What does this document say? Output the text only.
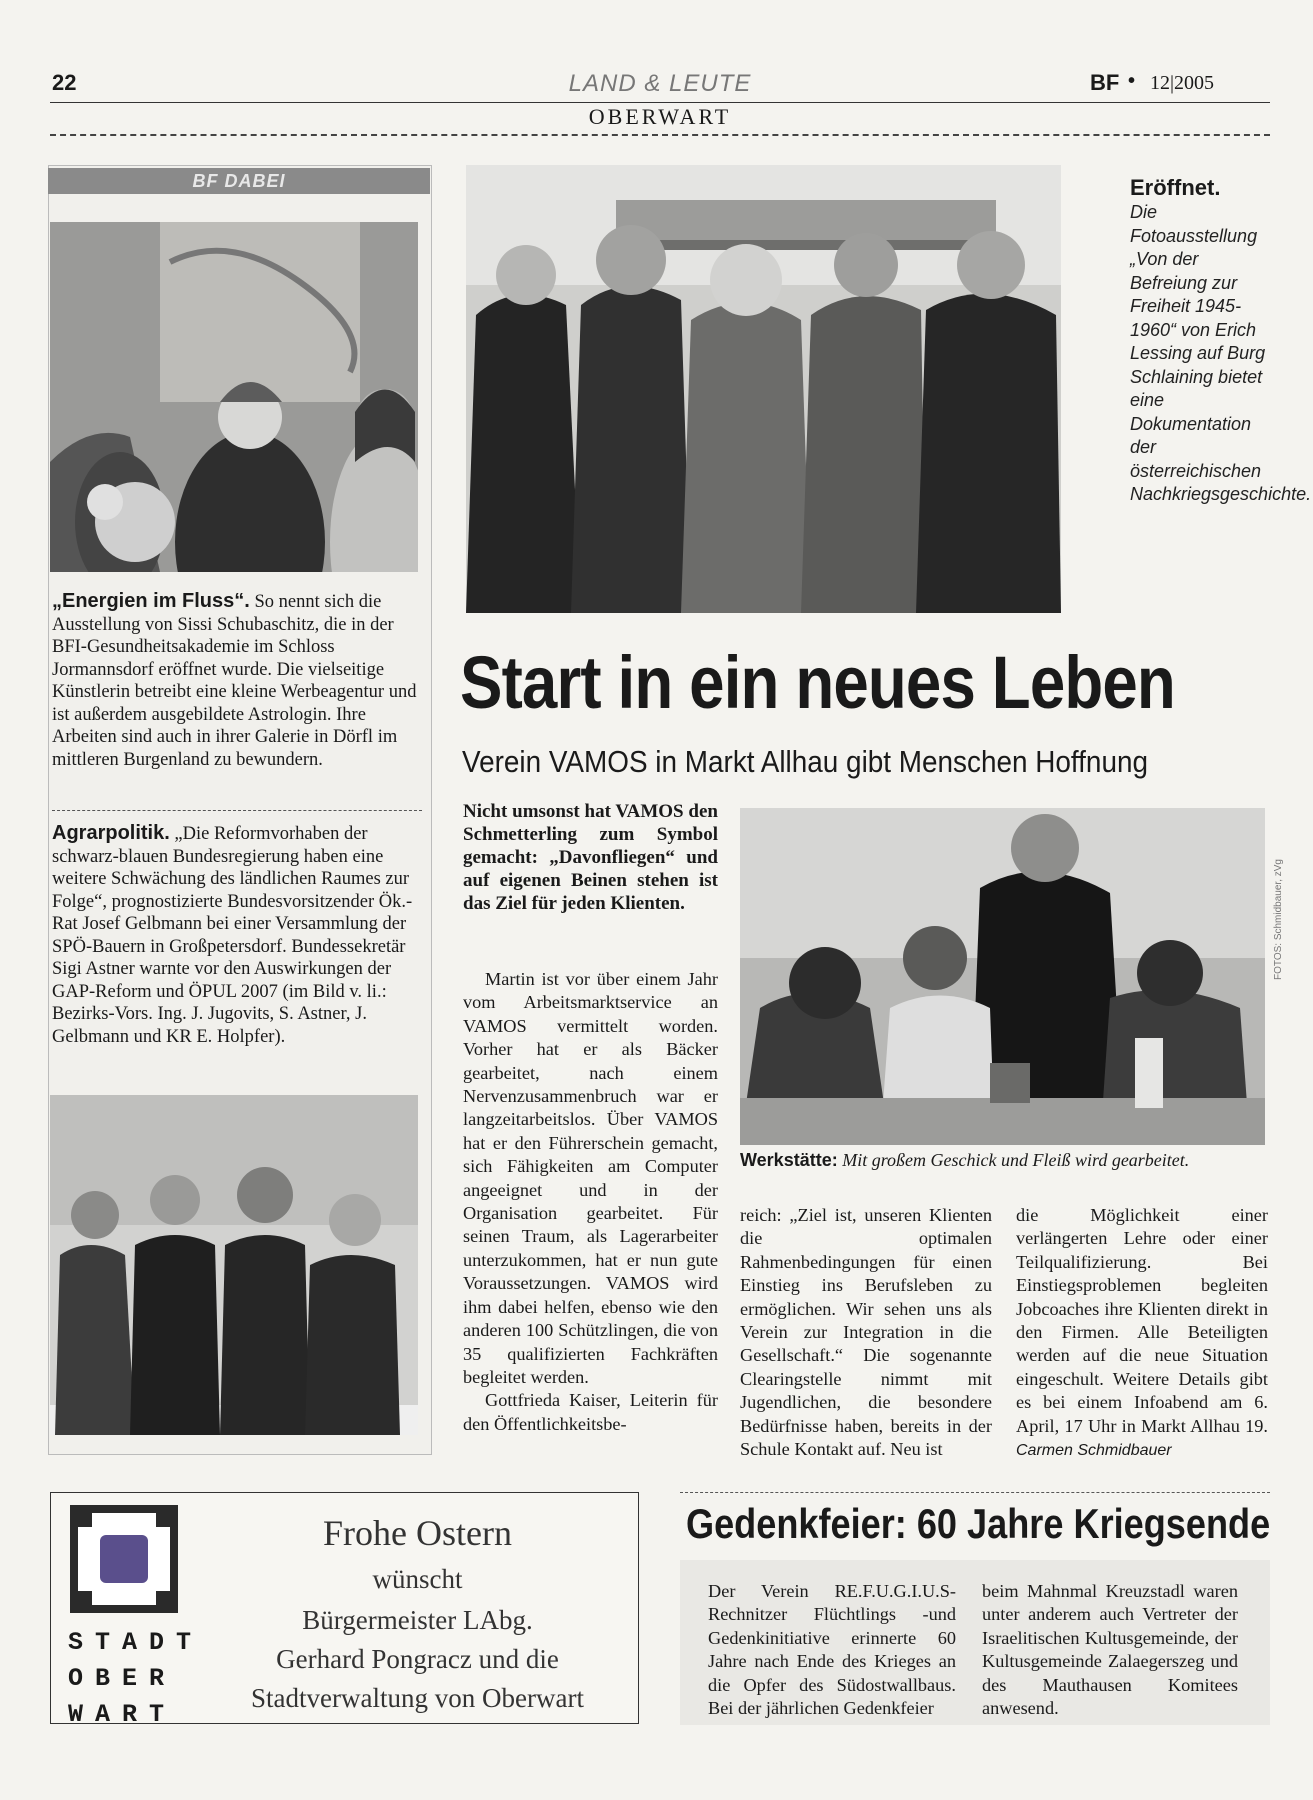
22	LAND & LEUTE	BF • 12|2005
OBERWART
BF DABEI
„Energien im Fluss“. So nennt sich die Ausstellung von Sissi Schubaschitz, die in der BFI-Gesundheitsakademie im Schloss Jormannsdorf eröffnet wurde. Die vielseitige Künstlerin betreibt eine kleine Werbeagentur und ist außerdem ausgebildete Astrologin. Ihre Arbeiten sind auch in ihrer Galerie in Dörfl im mittleren Burgenland zu bewundern.
Agrarpolitik. „Die Reformvorhaben der schwarz-blauen Bundesregierung haben eine weitere Schwächung des ländlichen Raumes zur Folge“, prognostizierte Bundesvorsitzender Ök.-Rat Josef Gelbmann bei einer Versammlung der SPÖ-Bauern in Großpetersdorf. Bundessekretär Sigi Astner warnte vor den Auswirkungen der GAP-Reform und ÖPUL 2007 (im Bild v. li.: Bezirks-Vors. Ing. J. Jugovits, S. Astner, J. Gelbmann und KR E. Holpfer).
Eröffnet.
Die Fotoausstellung „Von der Befreiung zur Freiheit 1945-1960“ von Erich Lessing auf Burg Schlaining bietet eine Dokumentation der österreichischen Nachkriegsgeschichte.
Start in ein neues Leben
Verein VAMOS in Markt Allhau gibt Menschen Hoffnung
Nicht umsonst hat VAMOS den Schmetterling zum Symbol gemacht: „Davonfliegen“ und auf eigenen Beinen stehen ist das Ziel für jeden Klienten.

Martin ist vor über einem Jahr vom Arbeitsmarktservice an VAMOS vermittelt worden. Vorher hat er als Bäcker gearbeitet, nach einem Nervenzusammenbruch war er langzeitarbeitslos. Über VAMOS hat er den Führerschein gemacht, sich Fähigkeiten am Computer angeeignet und in der Organisation gearbeitet. Für seinen Traum, als Lagerarbeiter unterzukommen, hat er nun gute Voraussetzungen. VAMOS wird ihm dabei helfen, ebenso wie den anderen 100 Schützlingen, die von 35 qualifizierten Fachkräften begleitet werden.

Gottfrieda Kaiser, Leiterin für den Öffentlichkeitsbe-

FOTOS: Schmidbauer, zVg
Werkstätte: Mit großem Geschick und Fleiß wird gearbeitet.
reich: „Ziel ist, unseren Klienten die optimalen Rahmenbedingungen für einen Einstieg ins Berufsleben zu ermöglichen. Wir sehen uns als Verein zur Integration in die Gesellschaft.“ Die sogenannte Clearingstelle nimmt mit Jugendlichen, die besondere Bedürfnisse haben, bereits in der Schule Kontakt auf. Neu ist
die Möglichkeit einer verlängerten Lehre oder einer Teilqualifizierung. Bei Einstiegsproblemen begleiten Jobcoaches ihre Klienten direkt in den Firmen. Alle Beteiligten werden auf die neue Situation eingeschult. Weitere Details gibt es bei einem Infoabend am 6. April, 17 Uhr in Markt Allhau 19. Carmen Schmidbauer
STADT
OBER
WART
Frohe Ostern
wünscht
Bürgermeister LAbg.
Gerhard Pongracz und die
Stadtverwaltung von Oberwart
Gedenkfeier: 60 Jahre Kriegsende
Der Verein RE.F.U.G.I.U.S-Rechnitzer Flüchtlings -und Gedenkinitiative erinnerte 60 Jahre nach Ende des Krieges an die Opfer des Südostwallbaus. Bei der jährlichen Gedenkfeier
beim Mahnmal Kreuzstadl waren unter anderem auch Vertreter der Israelitischen Kultusgemeinde, der Kultusgemeinde Zalaegerszeg und des Mauthausen Komitees anwesend.
